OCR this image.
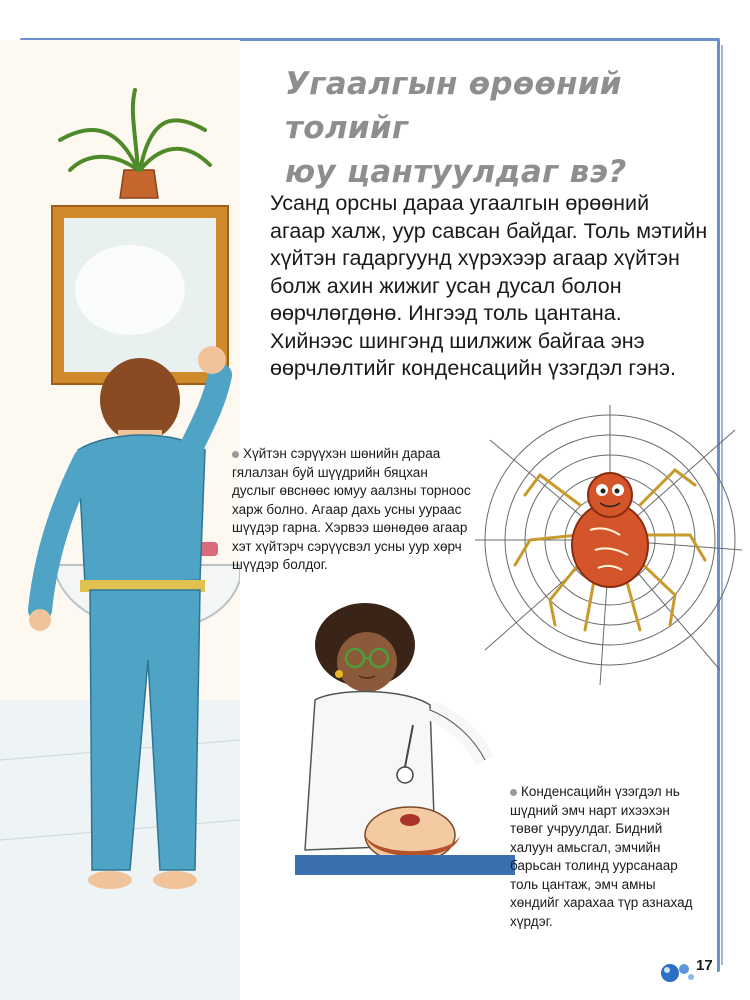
Угаалгын өрөөний толийг
юу цантуулдаг вэ?
Усанд орсны дараа угаалгын өрөөний агаар халж, уур савсан байдаг. Толь мэтийн хүйтэн гадаргуунд хүрэхээр агаар хүйтэн болж ахин жижиг усан дусал болон өөрчлөгдөнө. Ингээд толь цантана. Хийнээс шингэнд шилжиж байгаа энэ өөрчлөлтийг конденсацийн үзэгдэл гэнэ.
Хүйтэн сэрүүхэн шөнийн дараа гялалзан буй шүүдрийн бяцхан дуслыг өвснөөс юмуу аалзны торноос харж болно. Агаар дахь усны уураас шүүдэр гарна. Хэрвээ шөнөдөө агаар хэт хүйтэрч сэрүүсвэл усны уур хөрч шүүдэр болдог.
Конденсацийн үзэгдэл нь шүдний эмч нарт ихээхэн төвөг учруулдаг. Бидний халуун амьсгал, эмчийн барьсан толинд уурсанаар толь цантаж, эмч амны хөндийг харахаа түр азнахад хүрдэг.
17
